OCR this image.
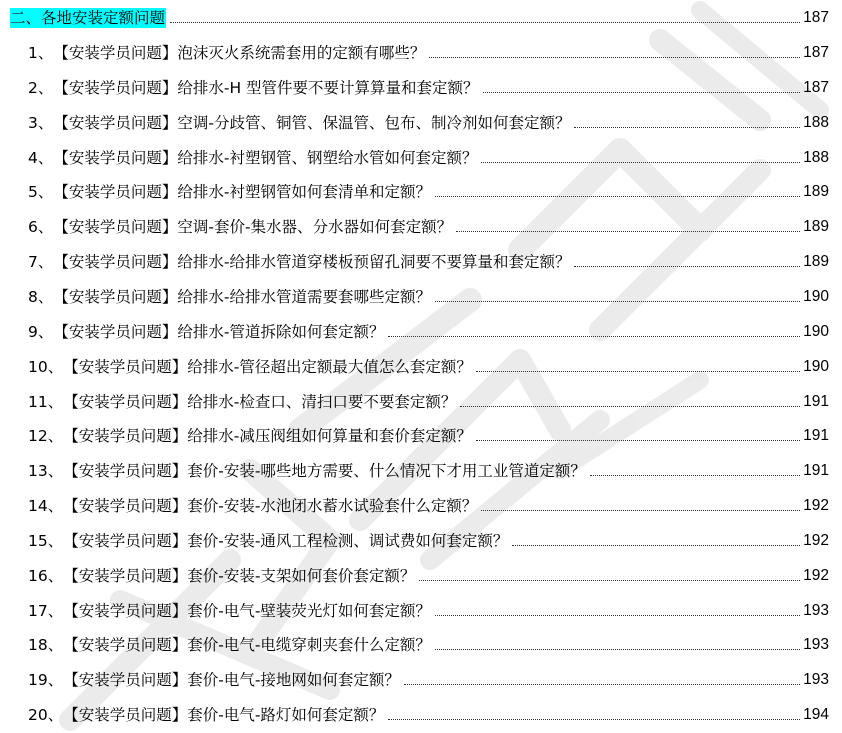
二、各地安装定额问题	187
1、 【安装学员问题】泡沫灭火系统需套用的定额有哪些？	187
2、 【安装学员问题】给排水-H 型管件要不要计算算量和套定额？	187
3、 【安装学员问题】空调-分歧管、铜管、保温管、包布、制冷剂如何套定额？	188
4、 【安装学员问题】给排水-衬塑钢管、钢塑给水管如何套定额？	188
5、 【安装学员问题】给排水-衬塑钢管如何套清单和定额？	189
6、 【安装学员问题】空调-套价-集水器、分水器如何套定额？	189
7、 【安装学员问题】给排水-给排水管道穿楼板预留孔洞要不要算量和套定额？	189
8、 【安装学员问题】给排水-给排水管道需要套哪些定额？	190
9、 【安装学员问题】给排水-管道拆除如何套定额？	190
10、 【安装学员问题】给排水-管径超出定额最大值怎么套定额？	190
11、 【安装学员问题】给排水-检查口、清扫口要不要套定额？	191
12、 【安装学员问题】给排水-减压阀组如何算量和套价套定额？	191
13、 【安装学员问题】套价-安装-哪些地方需要、什么情况下才用工业管道定额？	191
14、 【安装学员问题】套价-安装-水池闭水蓄水试验套什么定额？	192
15、 【安装学员问题】套价-安装-通风工程检测、调试费如何套定额？	192
16、 【安装学员问题】套价-安装-支架如何套价套定额？	192
17、 【安装学员问题】套价-电气-壁装荧光灯如何套定额？	193
18、 【安装学员问题】套价-电气-电缆穿刺夹套什么定额？	193
19、 【安装学员问题】套价-电气-接地网如何套定额？	193
20、 【安装学员问题】套价-电气-路灯如何套定额？	194
